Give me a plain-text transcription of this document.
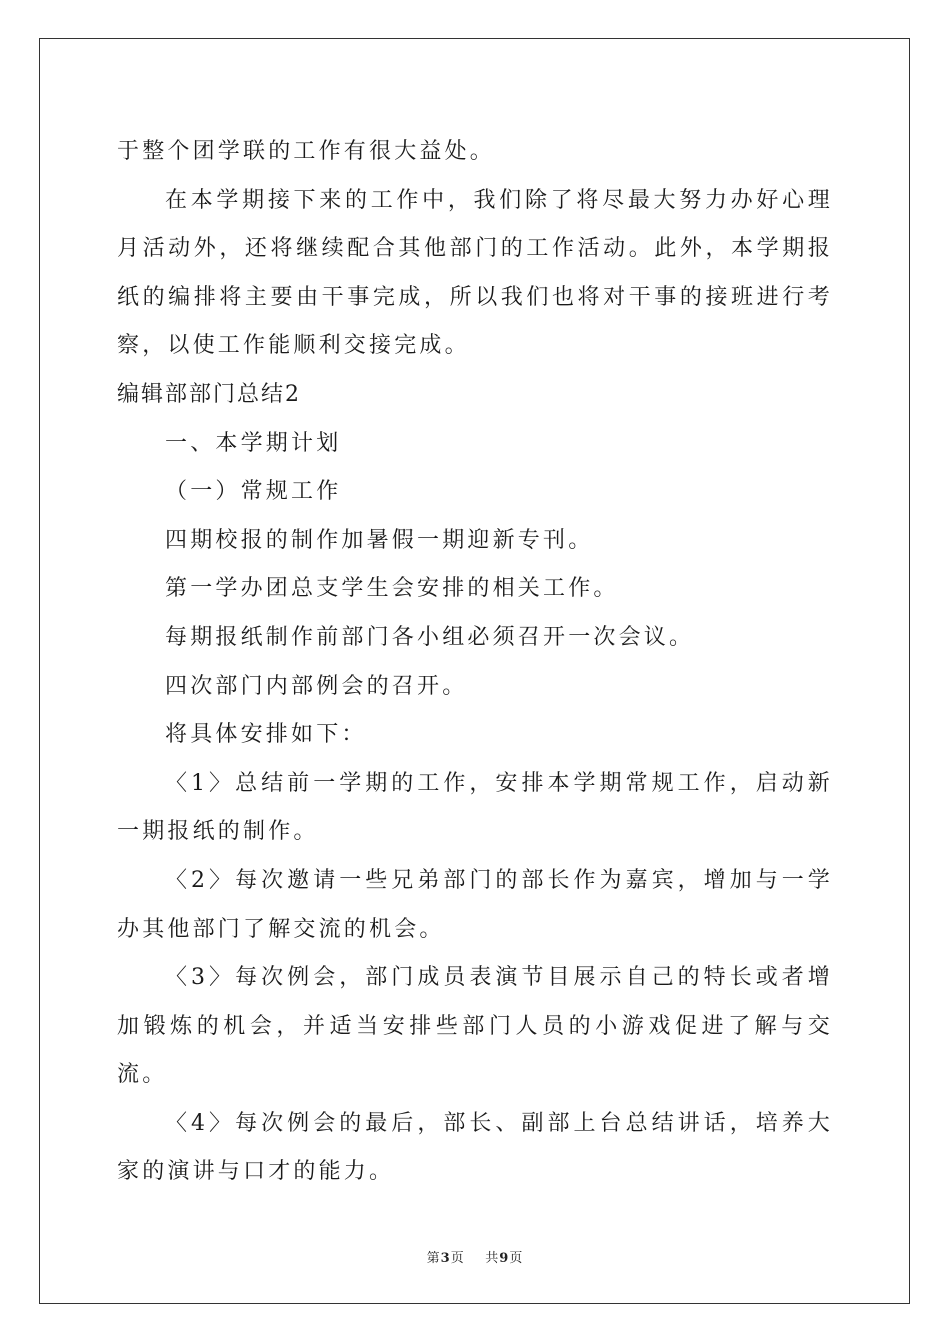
于整个团学联的工作有很大益处。

在本学期接下来的工作中，我们除了将尽最大努力办好心理月活动外，还将继续配合其他部门的工作活动。此外，本学期报纸的编排将主要由干事完成，所以我们也将对干事的接班进行考察，以使工作能顺利交接完成。

编辑部部门总结2

一、本学期计划

（一）常规工作

四期校报的制作加暑假一期迎新专刊。

第一学办团总支学生会安排的相关工作。

每期报纸制作前部门各小组必须召开一次会议。

四次部门内部例会的召开。

将具体安排如下：

〈1〉总结前一学期的工作，安排本学期常规工作，启动新一期报纸的制作。

〈2〉每次邀请一些兄弟部门的部长作为嘉宾，增加与一学办其他部门了解交流的机会。

〈3〉每次例会，部门成员表演节目展示自己的特长或者增加锻炼的机会，并适当安排些部门人员的小游戏促进了解与交流。

〈4〉每次例会的最后，部长、副部上台总结讲话，培养大家的演讲与口才的能力。

第3页 共9页
